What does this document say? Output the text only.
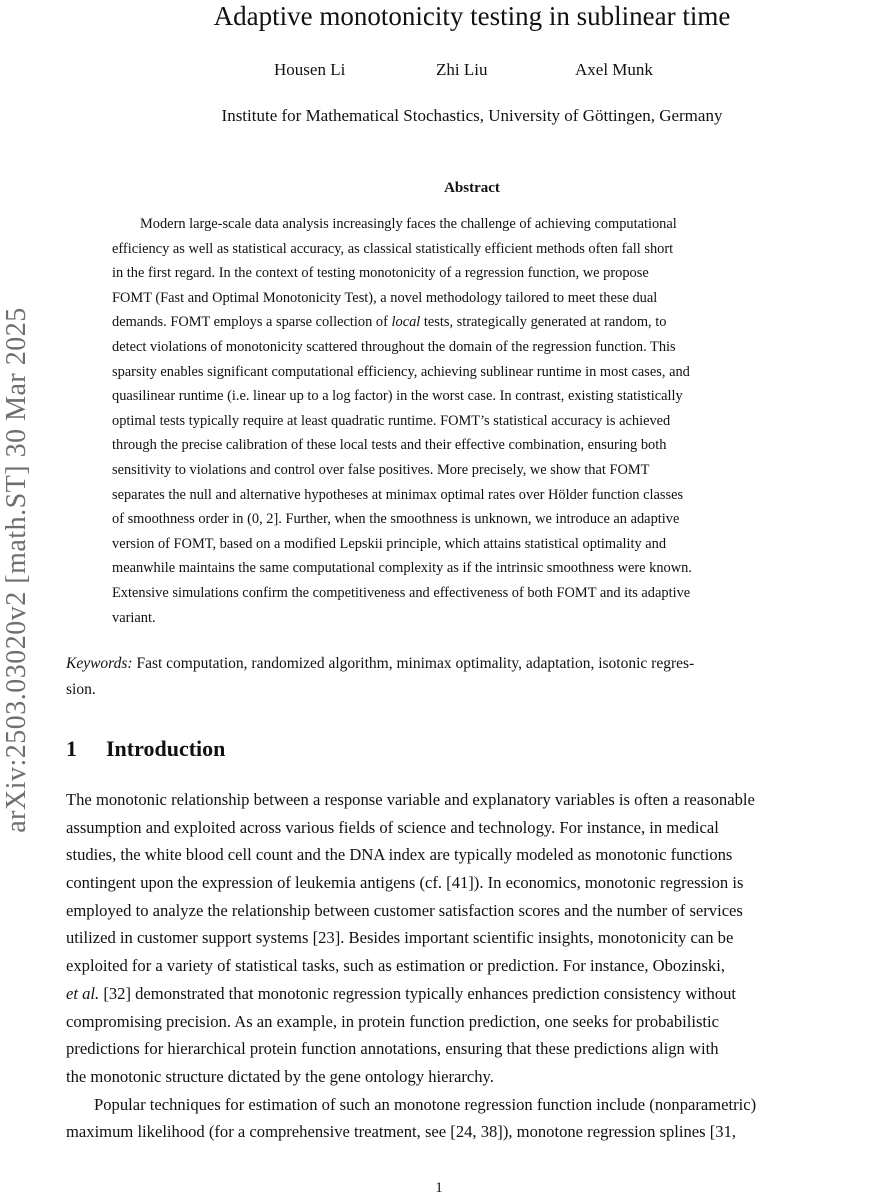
arXiv:2503.03020v2 [math.ST] 30 Mar 2025
Adaptive monotonicity testing in sublinear time
Housen Li	Zhi Liu	Axel Munk
Institute for Mathematical Stochastics, University of Göttingen, Germany
Abstract
Modern large-scale data analysis increasingly faces the challenge of achieving computational
efficiency as well as statistical accuracy, as classical statistically efficient methods often fall short
in the first regard. In the context of testing monotonicity of a regression function, we propose
FOMT (Fast and Optimal Monotonicity Test), a novel methodology tailored to meet these dual
demands. FOMT employs a sparse collection of local tests, strategically generated at random, to
detect violations of monotonicity scattered throughout the domain of the regression function. This
sparsity enables significant computational efficiency, achieving sublinear runtime in most cases, and
quasilinear runtime (i.e. linear up to a log factor) in the worst case. In contrast, existing statistically
optimal tests typically require at least quadratic runtime. FOMT’s statistical accuracy is achieved
through the precise calibration of these local tests and their effective combination, ensuring both
sensitivity to violations and control over false positives. More precisely, we show that FOMT
separates the null and alternative hypotheses at minimax optimal rates over Hölder function classes
of smoothness order in (0, 2]. Further, when the smoothness is unknown, we introduce an adaptive
version of FOMT, based on a modified Lepskii principle, which attains statistical optimality and
meanwhile maintains the same computational complexity as if the intrinsic smoothness were known.
Extensive simulations confirm the competitiveness and effectiveness of both FOMT and its adaptive
variant.
Keywords: Fast computation, randomized algorithm, minimax optimality, adaptation, isotonic regres-
sion.
1 Introduction
The monotonic relationship between a response variable and explanatory variables is often a reasonable
assumption and exploited across various fields of science and technology. For instance, in medical
studies, the white blood cell count and the DNA index are typically modeled as monotonic functions
contingent upon the expression of leukemia antigens (cf. [41]). In economics, monotonic regression is
employed to analyze the relationship between customer satisfaction scores and the number of services
utilized in customer support systems [23]. Besides important scientific insights, monotonicity can be
exploited for a variety of statistical tasks, such as estimation or prediction. For instance, Obozinski,
et al. [32] demonstrated that monotonic regression typically enhances prediction consistency without
compromising precision. As an example, in protein function prediction, one seeks for probabilistic
predictions for hierarchical protein function annotations, ensuring that these predictions align with
the monotonic structure dictated by the gene ontology hierarchy.
Popular techniques for estimation of such an monotone regression function include (nonparametric)
maximum likelihood (for a comprehensive treatment, see [24, 38]), monotone regression splines [31,
1
